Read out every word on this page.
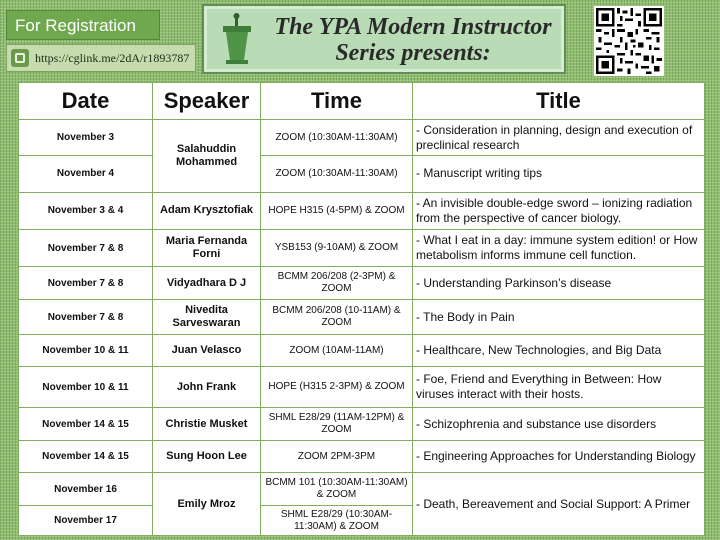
For Registration
https://cglink.me/2dA/r1893787
The YPA Modern Instructor
Series presents:
Date	Speaker	Time	Title
November 3	Salahuddin Mohammed	ZOOM (10:30AM-11:30AM)	- Consideration in planning, design and execution of preclinical research
November 4		ZOOM (10:30AM-11:30AM)	- Manuscript writing tips
November 3 & 4	Adam Krysztofiak	HOPE H315 (4-5PM) & ZOOM	- An invisible double-edge sword – ionizing radiation from the perspective of cancer biology.
November 7 & 8	Maria Fernanda Forni	YSB153 (9-10AM) & ZOOM	- What I eat in a day: immune system edition! or How metabolism informs immune cell function.
November 7 & 8	Vidyadhara D J	BCMM 206/208 (2-3PM) & ZOOM	- Understanding Parkinson’s disease
November 7 & 8	Nivedita Sarveswaran	BCMM 206/208 (10-11AM) & ZOOM	- The Body in Pain
November 10 & 11	Juan Velasco	ZOOM (10AM-11AM)	- Healthcare, New Technologies, and Big Data
November 10 & 11	John Frank	HOPE (H315 2-3PM) & ZOOM	- Foe, Friend and Everything in Between: How viruses interact with their hosts.
November 14 & 15	Christie Musket	SHML E28/29 (11AM-12PM) & ZOOM	- Schizophrenia and substance use disorders
November 14 & 15	Sung Hoon Lee	ZOOM 2PM-3PM	- Engineering Approaches for Understanding Biology
November 16	Emily Mroz	BCMM 101 (10:30AM-11:30AM) & ZOOM	- Death, Bereavement and Social Support: A Primer
November 17		SHML E28/29 (10:30AM-11:30AM) & ZOOM	
